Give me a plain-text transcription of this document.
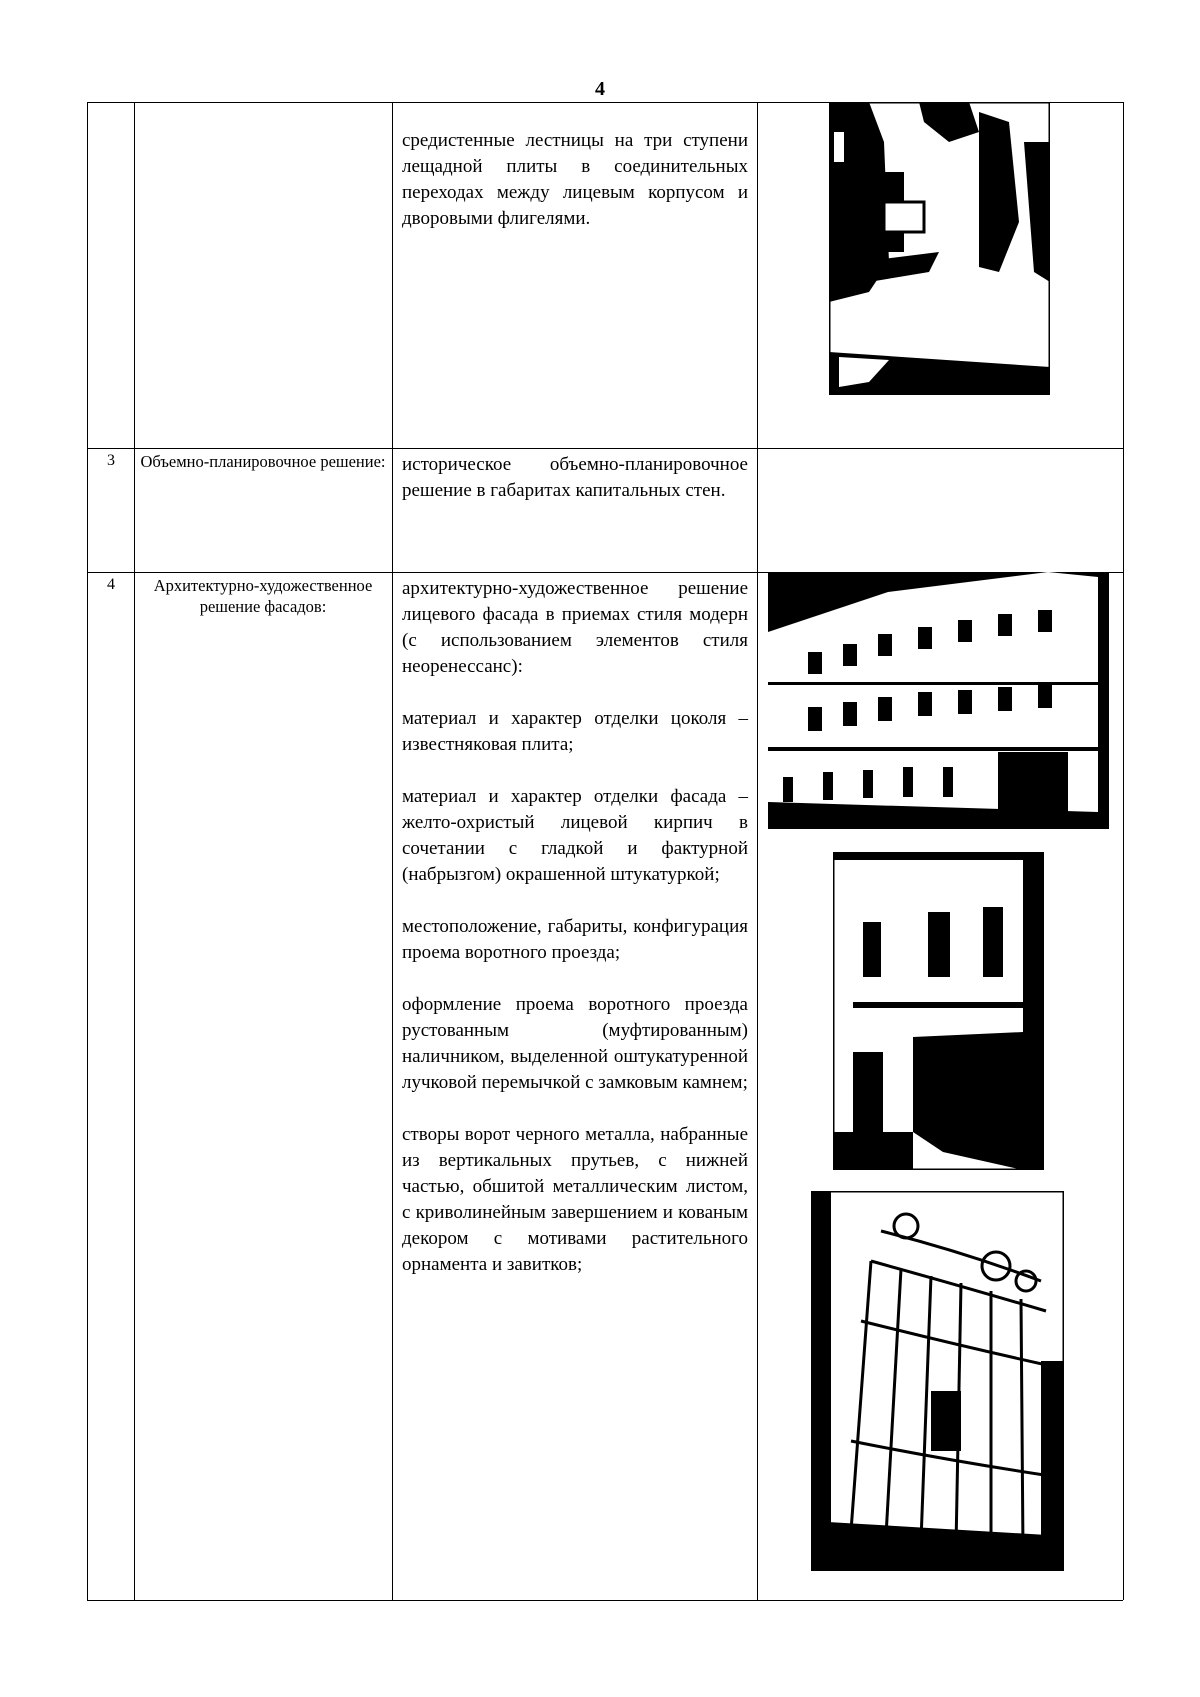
4

средистенные лестницы на три ступени лещадной плиты в соединительных переходах между лицевым корпусом и дворовыми флигелями.

3	Объемно-планировочное решение: историческое объемно-планировочное решение в габаритах капитальных стен.

4	Архитектурно-художественное решение фасадов:

архитектурно-художественное решение лицевого фасада в приемах стиля модерн (с использованием элементов стиля неоренессанс):

материал и характер отделки цоколя – известняковая плита;

материал и характер отделки фасада – желто-охристый лицевой кирпич в сочетании с гладкой и фактурной (набрызгом) окрашенной штукатуркой;

местоположение, габариты, конфигурация проема воротного проезда;

оформление проема воротного проезда рустованным (муфтированным) наличником, выделенной оштукатуренной лучковой перемычкой с замковым камнем;

створы ворот черного металла, набранные из вертикальных прутьев, с нижней частью, обшитой металлическим листом, с криволинейным завершением и кованым декором с мотивами растительного орнамента и завитков;
